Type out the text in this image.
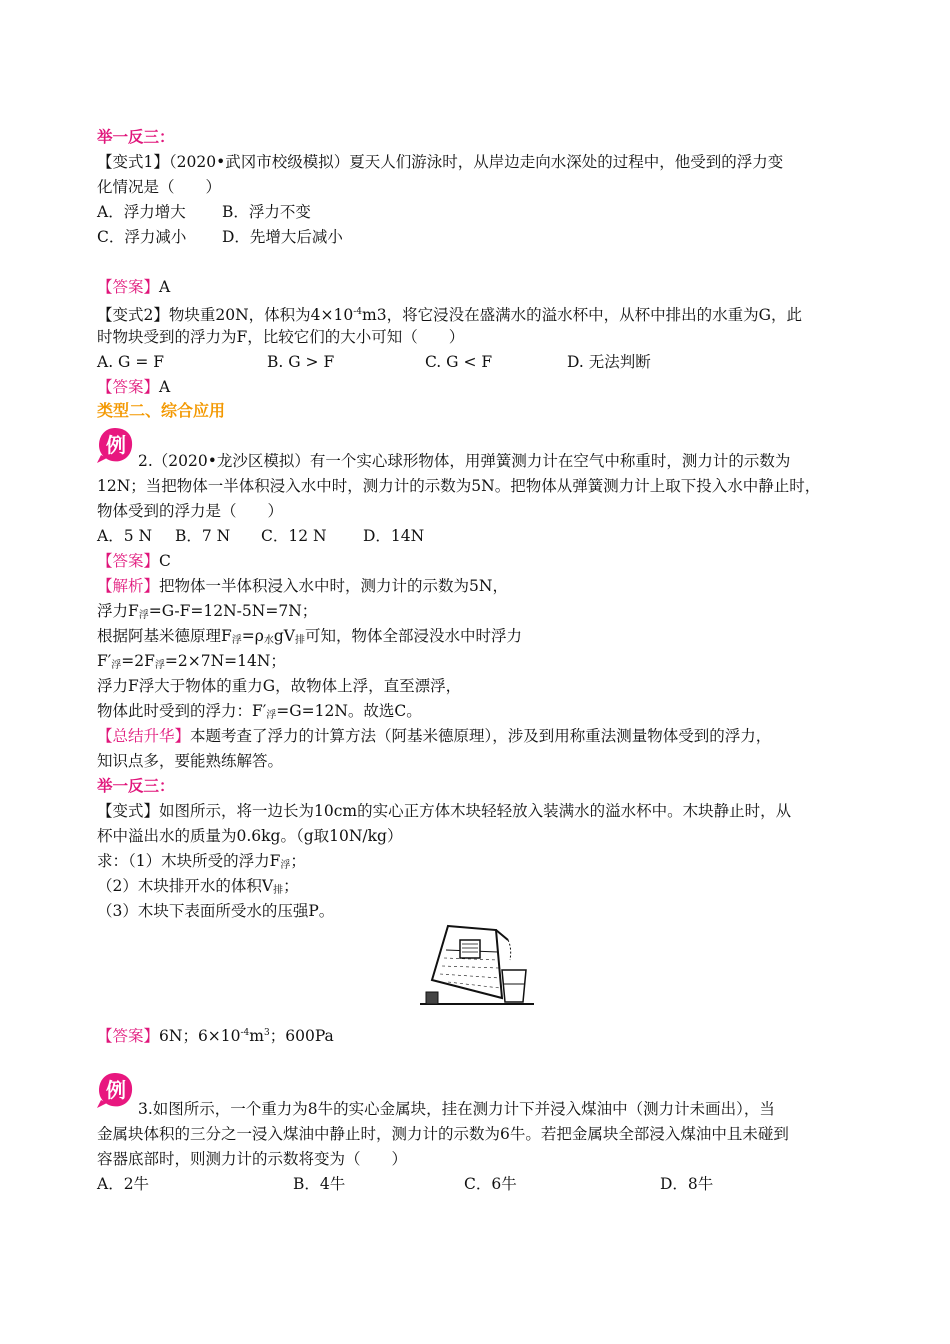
举一反三：
【变式1】（2020•武冈市校级模拟）夏天人们游泳时，从岸边走向水深处的过程中，他受到的浮力变
化情况是（　　）
A．浮力增大 B．浮力不变
C．浮力减小 D．先增大后减小
【答案】A
【变式2】物块重20N，体积为$4\times 10^{-4}m3$，将它浸没在盛满水的溢水杯中，从杯中排出的水重为G，此
时物块受到的浮力为F，比较它们的大小可知（　　）
A. G = F	B. G > F	C. G < F	D. 无法判断
【答案】A
类型二、综合应用
例
2.（2020•龙沙区模拟）有一个实心球形物体，用弹簧测力计在空气中称重时，测力计的示数为
12N；当把物体一半体积浸入水中时，测力计的示数为5N。把物体从弹簧测力计上取下投入水中静止时，
物体受到的浮力是（　　）
A．5 N B．7 N C．12 N D．14N
【答案】C
【解析】把物体一半体积浸入水中时，测力计的示数为5N，
浮力$F_浮=G-F=12N-5N=7N$；
根据阿基米德原理$F_浮=\rho_水gV_排$可知，物体全部浸没水中时浮力
$F'_浮=2F_浮=2\times 7N=14N$；
浮力F浮大于物体的重力G，故物体上浮，直至漂浮，
物体此时受到的浮力：$F'_浮=G=12N$。故选C。
【总结升华】本题考查了浮力的计算方法（阿基米德原理），涉及到用称重法测量物体受到的浮力，
知识点多，要能熟练解答。
举一反三：
【变式】如图所示，将一边长为10cm的实心正方体木块轻轻放入装满水的溢水杯中。木块静止时，从
杯中溢出水的质量为0.6kg。（g取10N/kg）
求：（1）木块所受的浮力$F_浮$；
（2）木块排开水的体积$V_排$；
（3）木块下表面所受水的压强P。
【答案】6N；$6\times 10^{-4}m^3$；600Pa
例
3.如图所示，一个重力为8牛的实心金属块，挂在测力计下并浸入煤油中（测力计未画出），当
金属块体积的三分之一浸入煤油中静止时，测力计的示数为6牛。若把金属块全部浸入煤油中且未碰到
容器底部时，则测力计的示数将变为（　　）
A．2牛	B．4牛	C．6牛	D．8牛
